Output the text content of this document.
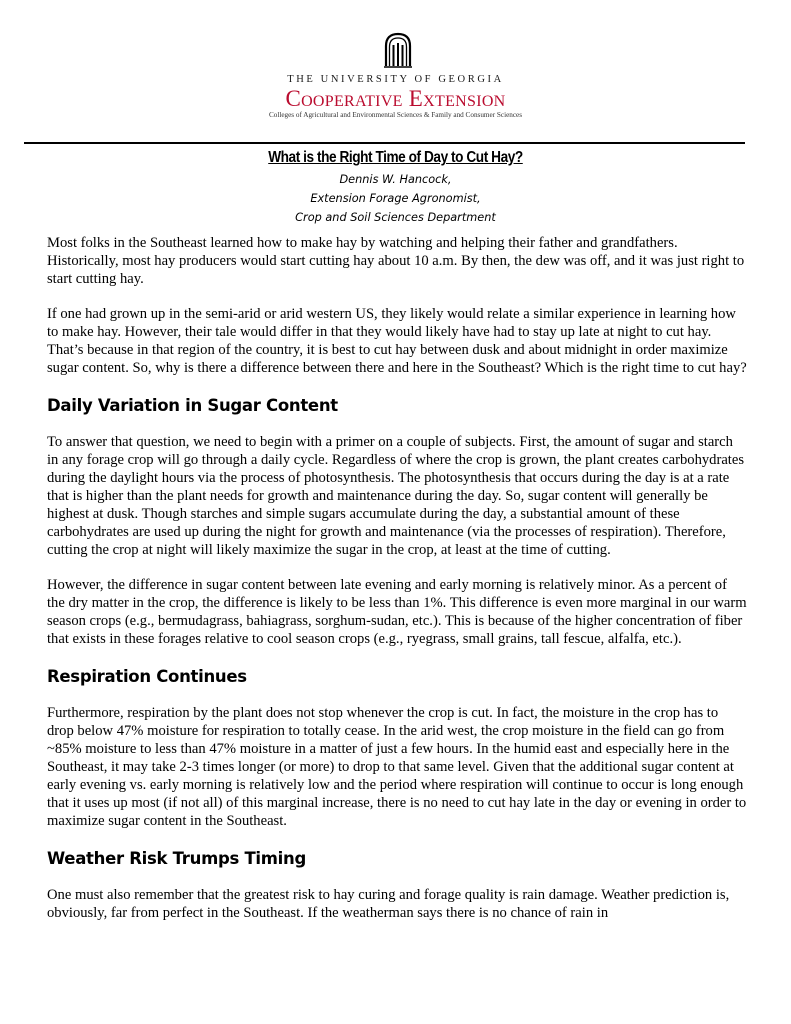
THE UNIVERSITY OF GEORGIA
Cooperative Extension
Colleges of Agricultural and Environmental Sciences & Family and Consumer Sciences
What is the Right Time of Day to Cut Hay?
Dennis W. Hancock,
Extension Forage Agronomist,
Crop and Soil Sciences Department

Most folks in the Southeast learned how to make hay by watching and helping their father and grandfathers. Historically, most hay producers would start cutting hay about 10 a.m. By then, the dew was off, and it was just right to start cutting hay.

If one had grown up in the semi-arid or arid western US, they likely would relate a similar experience in learning how to make hay. However, their tale would differ in that they would likely have had to stay up late at night to cut hay. That’s because in that region of the country, it is best to cut hay between dusk and about midnight in order maximize sugar content. So, why is there a difference between there and here in the Southeast? Which is the right time to cut hay?

Daily Variation in Sugar Content

To answer that question, we need to begin with a primer on a couple of subjects. First, the amount of sugar and starch in any forage crop will go through a daily cycle. Regardless of where the crop is grown, the plant creates carbohydrates during the daylight hours via the process of photosynthesis. The photosynthesis that occurs during the day is at a rate that is higher than the plant needs for growth and maintenance during the day. So, sugar content will generally be highest at dusk. Though starches and simple sugars accumulate during the day, a substantial amount of these carbohydrates are used up during the night for growth and maintenance (via the processes of respiration). Therefore, cutting the crop at night will likely maximize the sugar in the crop, at least at the time of cutting.

However, the difference in sugar content between late evening and early morning is relatively minor. As a percent of the dry matter in the crop, the difference is likely to be less than 1%. This difference is even more marginal in our warm season crops (e.g., bermudagrass, bahiagrass, sorghum-sudan, etc.). This is because of the higher concentration of fiber that exists in these forages relative to cool season crops (e.g., ryegrass, small grains, tall fescue, alfalfa, etc.).

Respiration Continues

Furthermore, respiration by the plant does not stop whenever the crop is cut. In fact, the moisture in the crop has to drop below 47% moisture for respiration to totally cease. In the arid west, the crop moisture in the field can go from ~85% moisture to less than 47% moisture in a matter of just a few hours. In the humid east and especially here in the Southeast, it may take 2-3 times longer (or more) to drop to that same level. Given that the additional sugar content at early evening vs. early morning is relatively low and the period where respiration will continue to occur is long enough that it uses up most (if not all) of this marginal increase, there is no need to cut hay late in the day or evening in order to maximize sugar content in the Southeast.

Weather Risk Trumps Timing

One must also remember that the greatest risk to hay curing and forage quality is rain damage. Weather prediction is, obviously, far from perfect in the Southeast. If the weatherman says there is no chance of rain in
